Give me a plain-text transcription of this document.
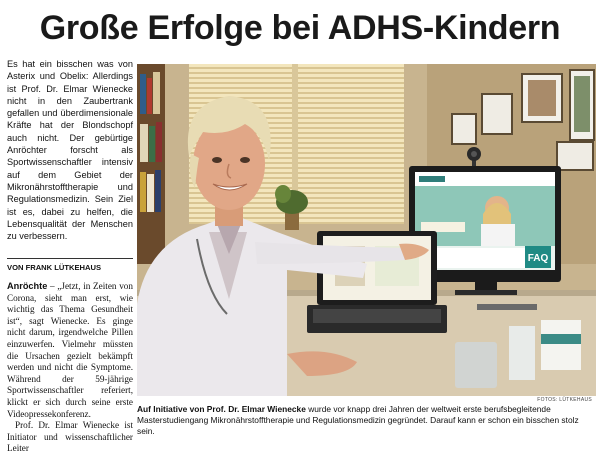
Große Erfolge bei ADHS-Kindern

Es hat ein bisschen was von Asterix und Obelix: Allerdings ist Prof. Dr. Elmar Wienecke nicht in den Zaubertrank gefallen und überdimensionale Kräfte hat der Blondschopf auch nicht. Der gebürtige Anröchter forscht als Sportwissenschaftler intensiv auf dem Gebiet der Mikronährstofftherapie und Regulationsmedizin. Sein Ziel ist es, dabei zu helfen, die Lebensqualität der Menschen zu verbessern.

VON FRANK LÜTKEHAUS

Anröchte – „Jetzt, in Zeiten von Corona, sieht man erst, wie wichtig das Thema Gesundheit ist“, sagt Wienecke. Es ginge nicht darum, irgendwelche Pillen einzuwerfen. Vielmehr müssten die Ursachen gezielt bekämpft werden und nicht die Symptome. Während der 59-jährige Sportwissenschaftler referiert, klickt er sich durch seine erste Videopressekonferenz.

Prof. Dr. Elmar Wienecke ist Initiator und wissenschaftlicher Leiter

FAQ
FOTOS: LÜTKEHAUS

Auf Initiative von Prof. Dr. Elmar Wienecke wurde vor knapp drei Jahren der weltweit erste berufsbegleitende Masterstudiengang Mikronährstofftherapie und Regulationsmedizin gegründet. Darauf kann er schon ein bisschen stolz sein.
